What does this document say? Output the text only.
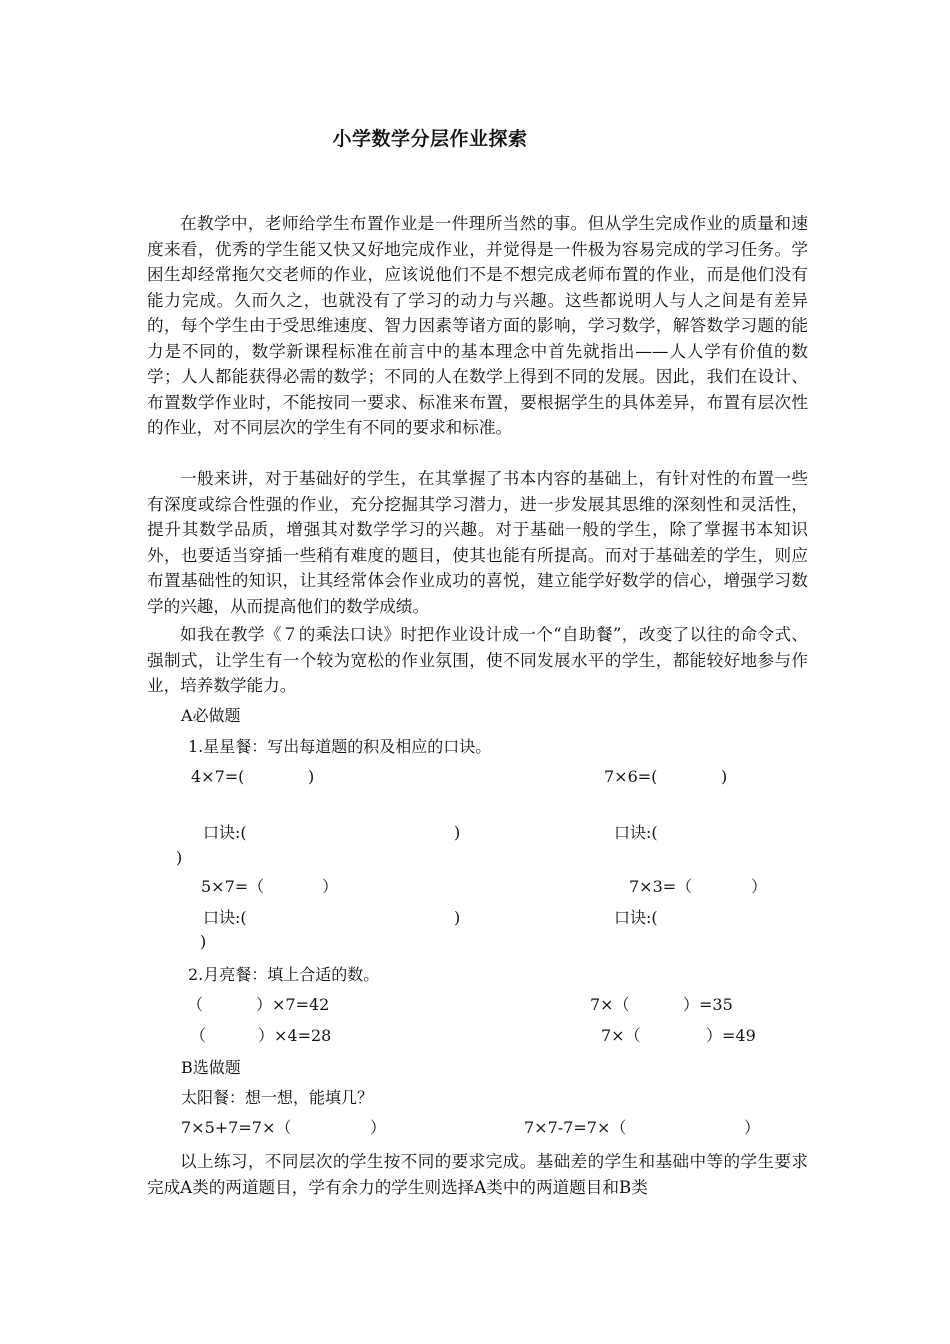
小学数学分层作业探索

在教学中，老师给学生布置作业是一件理所当然的事。但从学生完成作业的质量和速度来看，优秀的学生能又快又好地完成作业，并觉得是一件极为容易完成的学习任务。学困生却经常拖欠交老师的作业，应该说他们不是不想完成老师布置的作业，而是他们没有能力完成。久而久之，也就没有了学习的动力与兴趣。这些都说明人与人之间是有差异的，每个学生由于受思维速度、智力因素等诸方面的影响，学习数学，解答数学习题的能力是不同的，数学新课程标准在前言中的基本理念中首先就指出——人人学有价值的数学；人人都能获得必需的数学；不同的人在数学上得到不同的发展。因此，我们在设计、布置数学作业时，不能按同一要求、标准来布置，要根据学生的具体差异，布置有层次性的作业，对不同层次的学生有不同的要求和标准。

一般来讲，对于基础好的学生，在其掌握了书本内容的基础上，有针对性的布置一些有深度或综合性强的作业，充分挖掘其学习潜力，进一步发展其思维的深刻性和灵活性，提升其数学品质，增强其对数学学习的兴趣。对于基础一般的学生，除了掌握书本知识外，也要适当穿插一些稍有难度的题目，使其也能有所提高。而对于基础差的学生，则应布置基础性的知识，让其经常体会作业成功的喜悦，建立能学好数学的信心，增强学习数学的兴趣，从而提高他们的数学成绩。

如我在教学《７的乘法口诀》时把作业设计成一个“自助餐”，改变了以往的命令式、强制式，让学生有一个较为宽松的作业氛围，使不同发展水平的学生，都能较好地参与作业，培养数学能力。

A必做题
1.星星餐：写出每道题的积及相应的口诀。
4×7=(	)	7×6=(	)
口诀:(	)	口诀:(
)
5×7=（	）	7×3=（	）
口诀:(	)	口诀:(
)
2.月亮餐：填上合适的数。
（	）×7=42	7×（	）=35
（	）×4=28	7×（	）=49
B选做题
太阳餐：想一想，能填几？
7×5+7=7×（	）	7×7-7=7×（	）

以上练习，不同层次的学生按不同的要求完成。基础差的学生和基础中等的学生要求完成A类的两道题目，学有余力的学生则选择A类中的两道题目和B类
